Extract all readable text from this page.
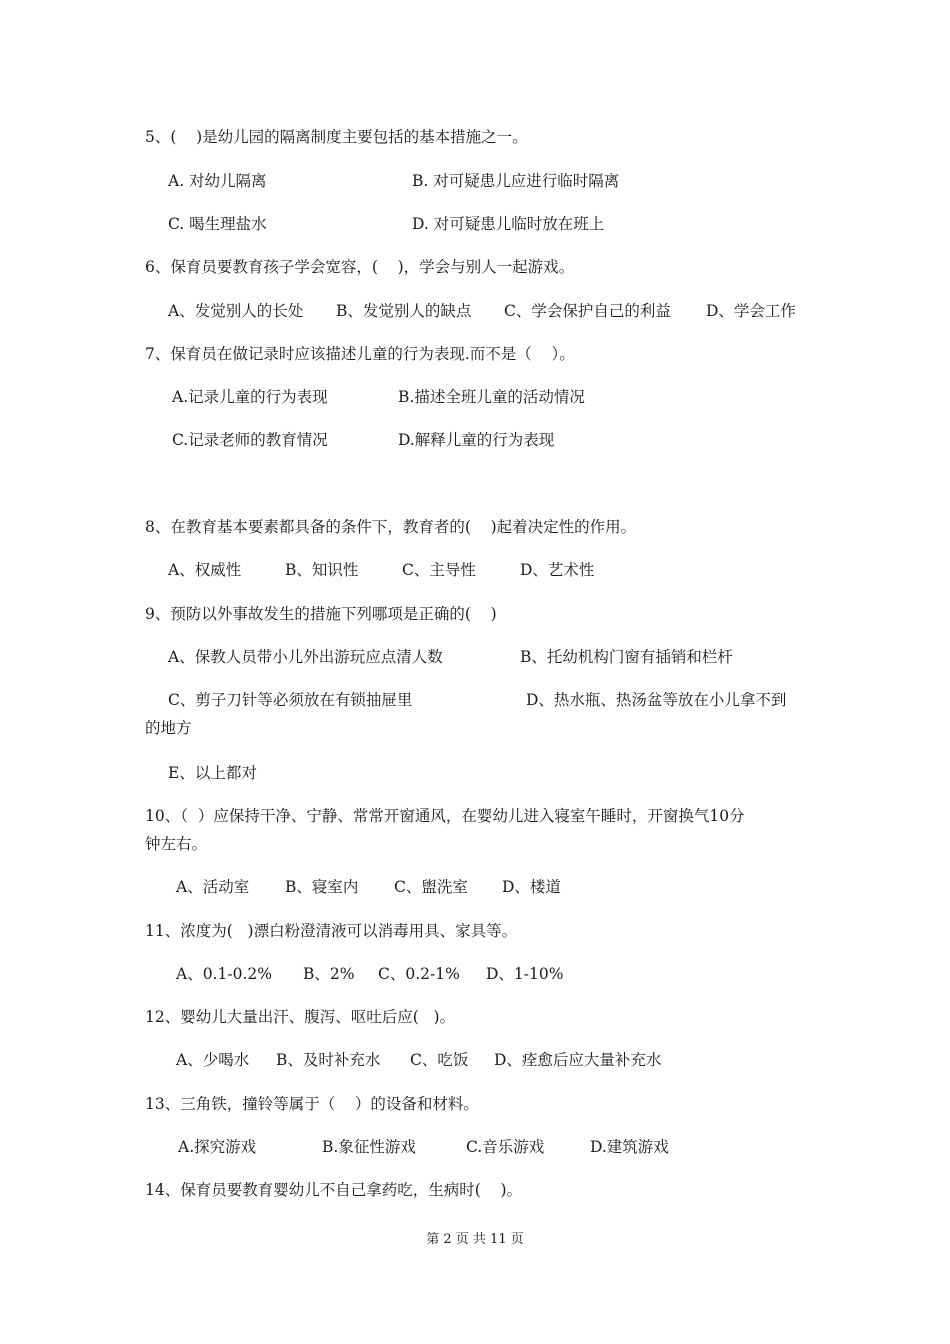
5、(    )是幼儿园的隔离制度主要包括的基本措施之一。
A. 对幼儿隔离	B. 对可疑患儿应进行临时隔离
C. 喝生理盐水	D. 对可疑患儿临时放在班上
6、保育员要教育孩子学会宽容，(    )，学会与别人一起游戏。
A、发觉别人的长处 B、发觉别人的缺点 C、学会保护自己的利益 D、学会工作
7、保育员在做记录时应该描述儿童的行为表现.而不是（    ）。
A.记录儿童的行为表现	B.描述全班儿童的活动情况
C.记录老师的教育情况	D.解释儿童的行为表现
8、在教育基本要素都具备的条件下，教育者的(    )起着决定性的作用。
A、权威性	B、知识性	C、主导性	D、艺术性
9、预防以外事故发生的措施下列哪项是正确的(    )
A、保教人员带小儿外出游玩应点清人数	B、托幼机构门窗有插销和栏杆
C、剪子刀针等必须放在有锁抽屉里	D、热水瓶、热汤盆等放在小儿拿不到
的地方
E、以上都对
10、（  ）应保持干净、宁静、常常开窗通风，在婴幼儿进入寝室午睡时，开窗换气10分
钟左右。
A、活动室 B、寝室内 C、盥洗室 D、楼道
11、浓度为(   )漂白粉澄清液可以消毒用具、家具等。
A、0.1-0.2% B、2% C、0.2-1% D、1-10%
12、婴幼儿大量出汗、腹泻、呕吐后应(   )。
A、少喝水 B、及时补充水 C、吃饭 D、痊愈后应大量补充水
13、三角铁，撞铃等属于（    ）的设备和材料。
A.探究游戏	B.象征性游戏	C.音乐游戏	D.建筑游戏
14、保育员要教育婴幼儿不自己拿药吃，生病时(    )。
第 2 页 共 11 页
